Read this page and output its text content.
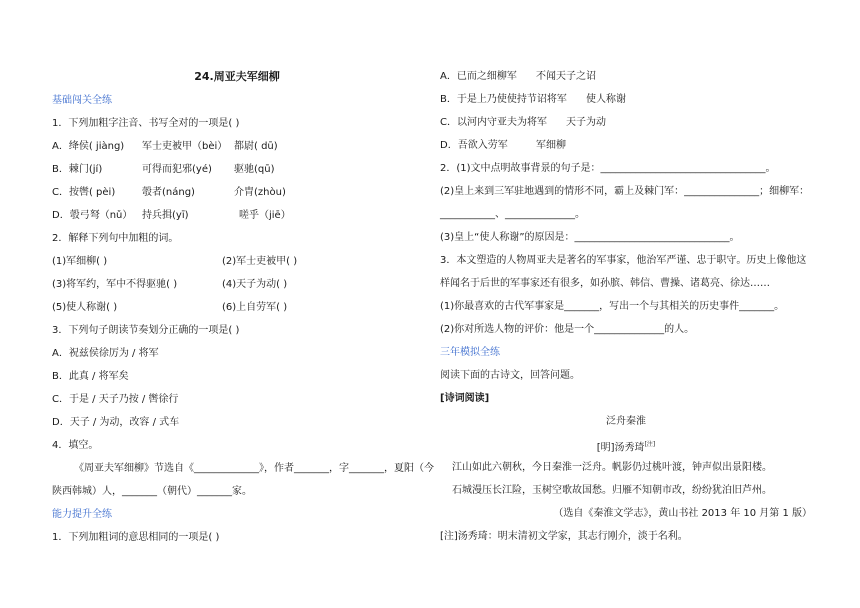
24.周亚夫军细柳
基础闯关全练
1．下列加粗字注音、书写全对的一项是( )
A．绛侯( jiàng) 军士吏被甲（bèi） 都尉( dū)
B．棘门(jí)	可得而犯邪(yé) 驱驰(qū)
C．按辔( pèi)	彀者(náng)	介胄(zhòu)
D．彀弓弩（nǔ） 持兵揖(yī)	嗟乎（jiē）
2．解释下列句中加粗的词。
(1)军细柳( )	(2)军士吏被甲( )
(3)将军约，军中不得驱驰( )	(4)天子为动( )
(5)使人称谢( )	(6)上自劳军( )
3．下列句子朗读节奏划分正确的一项是( )
A．祝兹侯徐厉为 / 将军
B．此真 / 将军矣
C．于是 / 天子乃按 / 辔徐行
D．天子 / 为动，改容 / 式车
4．填空。
《周亚夫军细柳》节选自《_____________》，作者_______，字_______，夏阳（今
陕西韩城）人，_______（朝代）_______家。
能力提升全练
1．下列加粗词的意思相同的一项是( )
A．已而之细柳军 不闻天子之诏
B．于是上乃使使持节诏将军 使人称谢
C．以河内守亚夫为将军 天子为动
D．吾欲入劳军	军细柳
2．(1)文中点明故事背景的句子是：_________________________________。
(2)皇上来到三军驻地遇到的情形不同，霸上及棘门军：_______________；细柳军：
___________、______________。
(3)皇上“使人称谢”的原因是：_______________________________。
3．本文塑造的人物周亚夫是著名的军事家，他治军严谨、忠于职守。历史上像他这
样闻名于后世的军事家还有很多，如孙膑、韩信、曹操、诸葛亮、徐达……
(1)你最喜欢的古代军事家是_______，写出一个与其相关的历史事件_______。
(2)你对所选人物的评价：他是一个______________的人。
三年模拟全练
阅读下面的古诗文，回答问题。
[诗词阅读]
泛舟秦淮
[明]汤秀琦[注]
江山如此六朝秋，今日秦淮一泛舟。帆影仍过桃叶渡，钟声似出景阳楼。
石城漫压长江险，玉树空歌故国愁。归雁不知朝市改，纷纷犹泊旧芦州。
（选自《秦淮文学志》，黄山书社 2013 年 10 月第 1 版）
[注]汤秀琦：明末清初文学家，其志行刚介，淡于名利。
